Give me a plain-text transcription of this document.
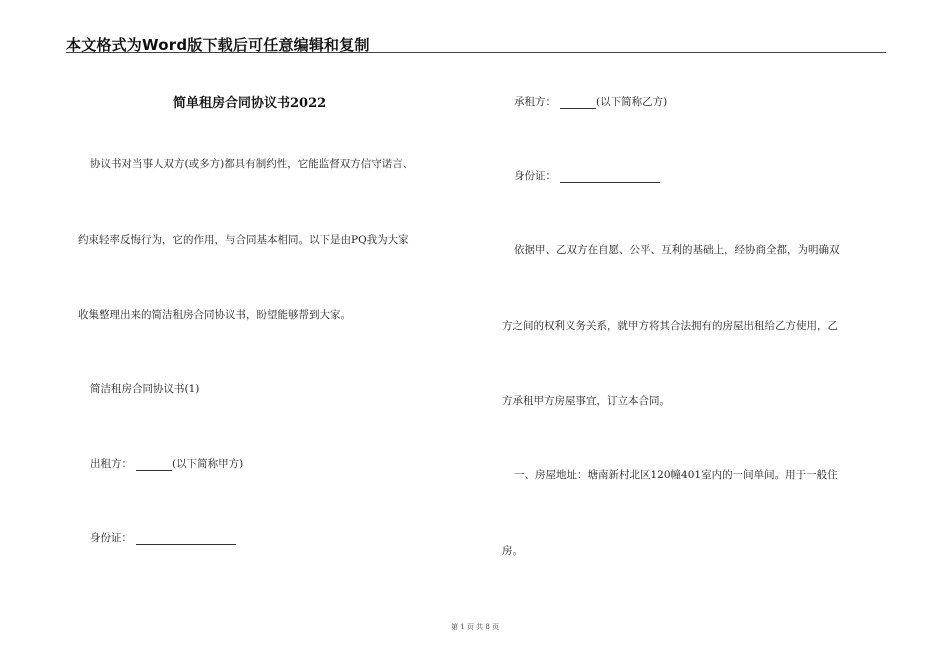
本文格式为Word版下载后可任意编辑和复制
简单租房合同协议书2022
协议书对当事人双方(或多方)都具有制约性，它能监督双方信守诺言、
约束轻率反悔行为，它的作用，与合同基本相同。以下是由PQ我为大家
收集整理出来的简洁租房合同协议书，盼望能够帮到大家。
简洁租房合同协议书(1)
出租方：	(以下简称甲方)
身份证：
承租方：	(以下简称乙方)
身份证：
依据甲、乙双方在自愿、公平、互利的基础上，经协商全都，为明确双
方之间的权利义务关系，就甲方将其合法拥有的房屋出租给乙方使用，乙
方承租甲方房屋事宜，订立本合同。
一、房屋地址：塘南新村北区120幢401室内的一间单间。用于一般住
房。
第 1 页 共 8 页
